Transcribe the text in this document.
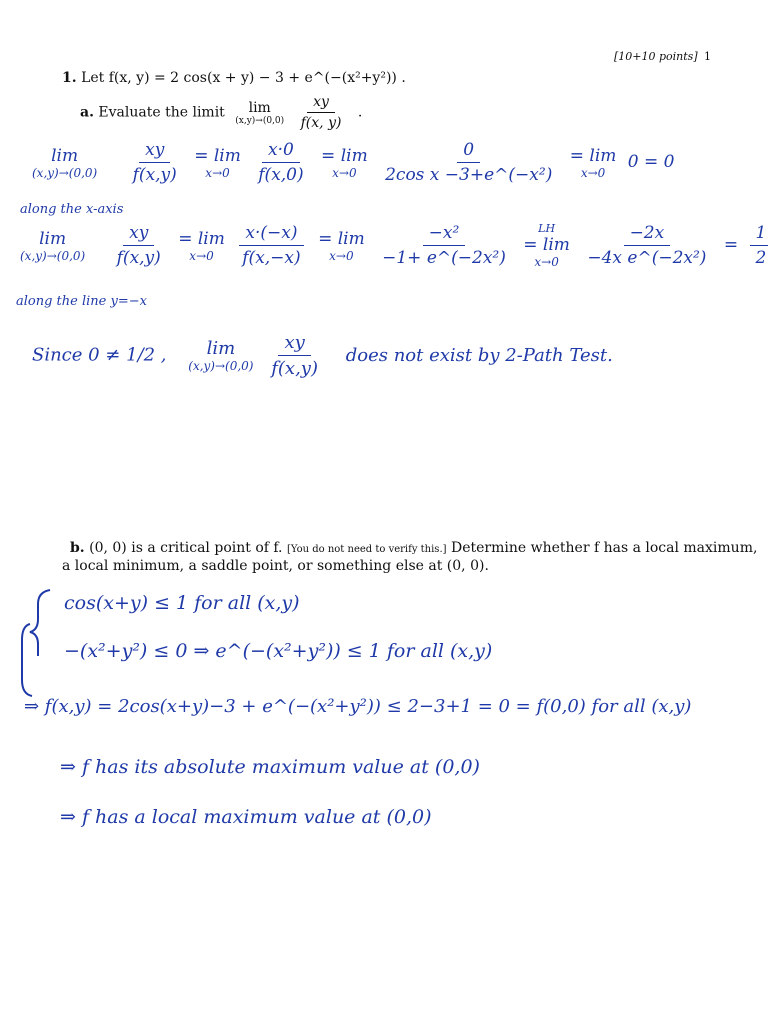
[10+10 points] 1
1. Let f(x, y) = 2 cos(x + y) − 3 + e^(−(x²+y²)) .
a. Evaluate the limit lim
(x,y)→(0,0)
$\frac{xy}{f(x, y)}$ .
lim
(x,y)→(0,0)
$\frac{xy}{f(x,y)}$
= lim
x→0
$\frac{x\cdot 0}{f(x,0)}$
= lim
x→0
$\frac{0}{\text{2cos x −3+e\textasciicircum{}(−x²)}}$
= lim
x→0
0 = 0
along the x-axis
lim
(x,y)→(0,0)
$\frac{xy}{f(x,y)}$
= lim
x→0
$\frac{x\cdot(-x)}{f(x,-x)}$
= lim
x→0
$\frac{\text{−x²}}{\text{−1+ e\textasciicircum{}(−2x²)}}$
LH
= lim
x→0
$\frac{-2x}{\text{−4x e\textasciicircum{}(−2x²)}} = \frac{1}{2}$
along the line y=−x
Since 0 ≠ 1/2 , lim
(x,y)→(0,0)
$\frac{xy}{f(x,y)}$ does not exist by 2-Path Test.
b. (0, 0) is a critical point of f. [You do not need to verify this.] Determine whether f has a local maximum,
a local minimum, a saddle point, or something else at (0, 0).
cos(x+y) ≤ 1 for all (x,y)
−(x²+y²) ≤ 0 ⇒ e^(−(x²+y²)) ≤ 1 for all (x,y)
⇒ f(x,y) = 2cos(x+y)−3 + e^(−(x²+y²)) ≤ 2−3+1 = 0 = f(0,0) for all (x,y)
⇒ f has its absolute maximum value at (0,0)
⇒ f has a local maximum value at (0,0)
